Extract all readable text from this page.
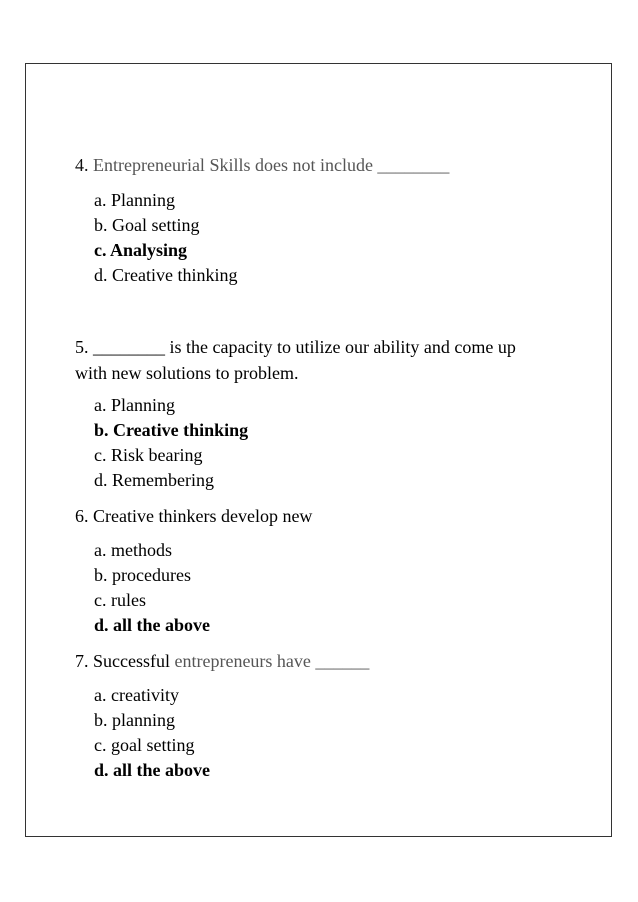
4. Entrepreneurial Skills does not include ________
a. Planning
b. Goal setting
c. Analysing
d. Creative thinking
5. ________ is the capacity to utilize our ability and come up with new solutions to problem.
a. Planning
b. Creative thinking
c. Risk bearing
d. Remembering
6. Creative thinkers develop new
a. methods
b. procedures
c. rules
d. all the above
7. Successful entrepreneurs have ______
a. creativity
b. planning
c. goal setting
d. all the above
